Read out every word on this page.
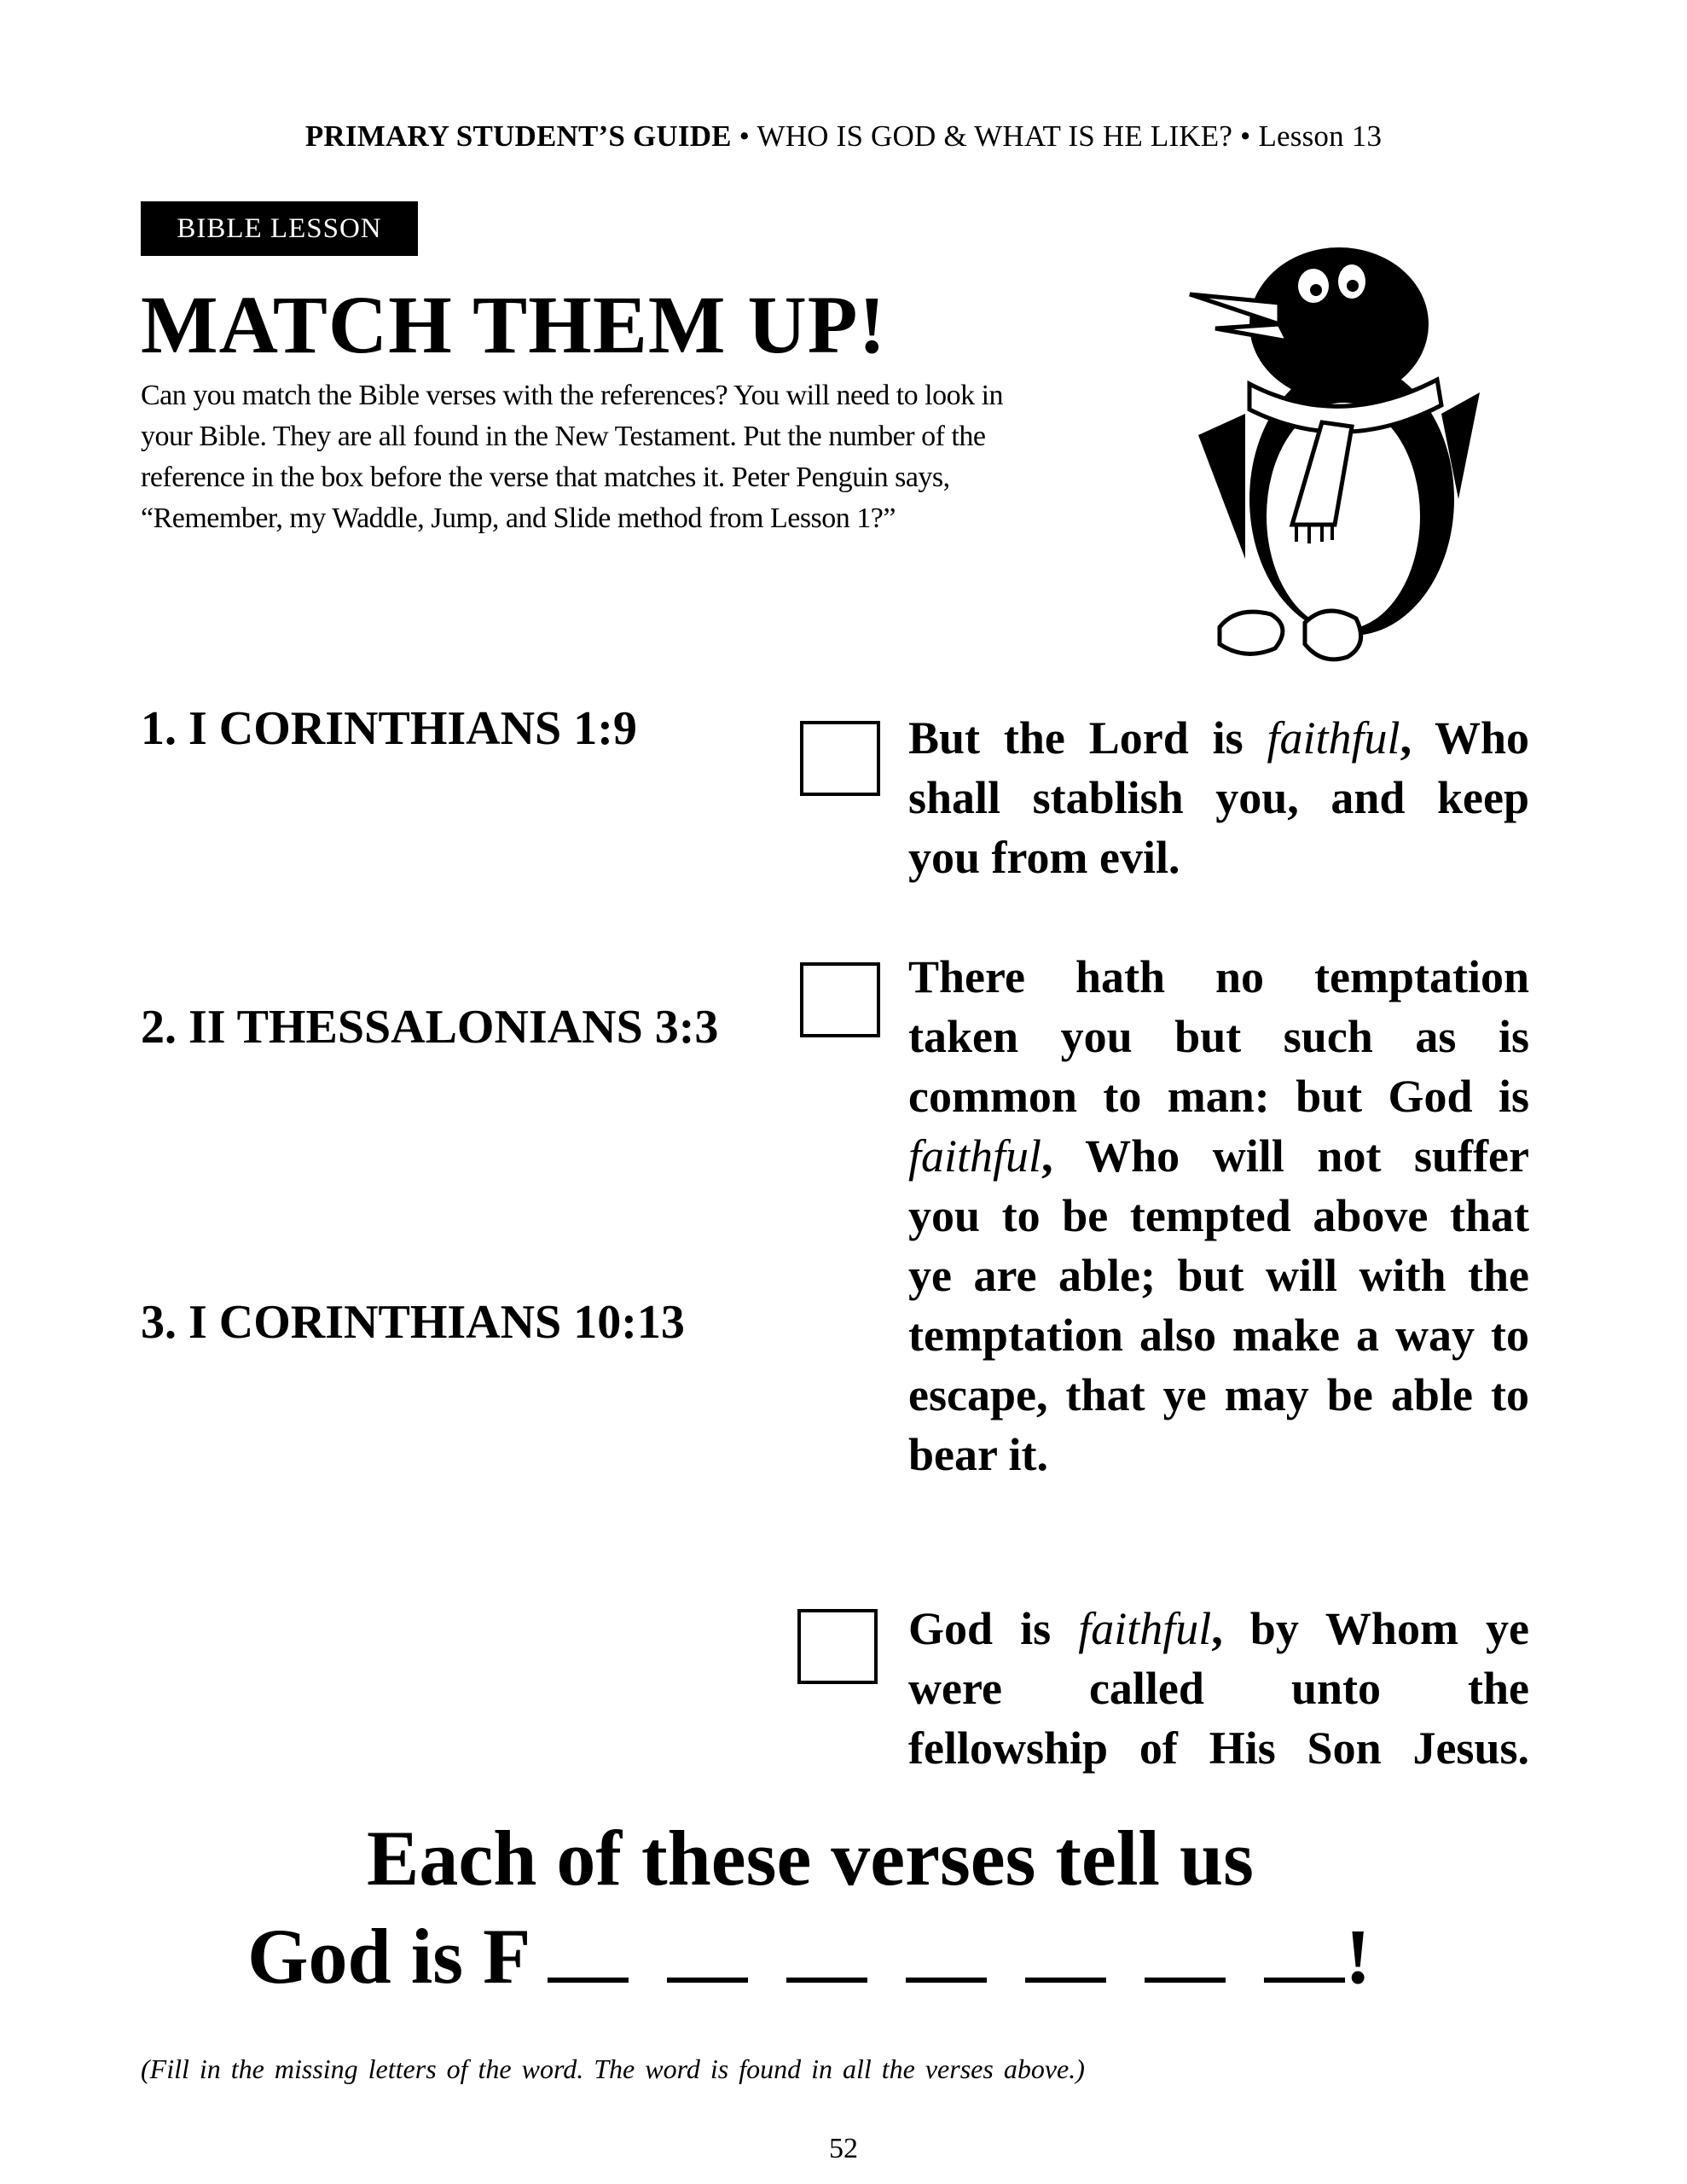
PRIMARY STUDENT’S GUIDE • WHO IS GOD & WHAT IS HE LIKE? • Lesson 13
BIBLE LESSON
MATCH THEM UP!
Can you match the Bible verses with the references? You will need to look in
your Bible. They are all found in the New Testament. Put the number of the
reference in the box before the verse that matches it. Peter Penguin says,
“Remember, my Waddle, Jump, and Slide method from Lesson 1?”
1. I CORINTHIANS 1:9
2. II THESSALONIANS 3:3
3. I CORINTHIANS 10:13
But the Lord is faithful, Who
shall stablish you, and keep
you from evil.
There hath no temptation
taken you but such as is
common to man: but God is
faithful, Who will not suffer
you to be tempted above that
ye are able; but will with the
temptation also make a way to
escape, that ye may be able to
bear it.
God is faithful, by Whom ye
were called unto the
fellowship of His Son Jesus.
Each of these verses tell us
God is F	!
(Fill in the missing letters of the word. The word is found in all the verses above.)
52
